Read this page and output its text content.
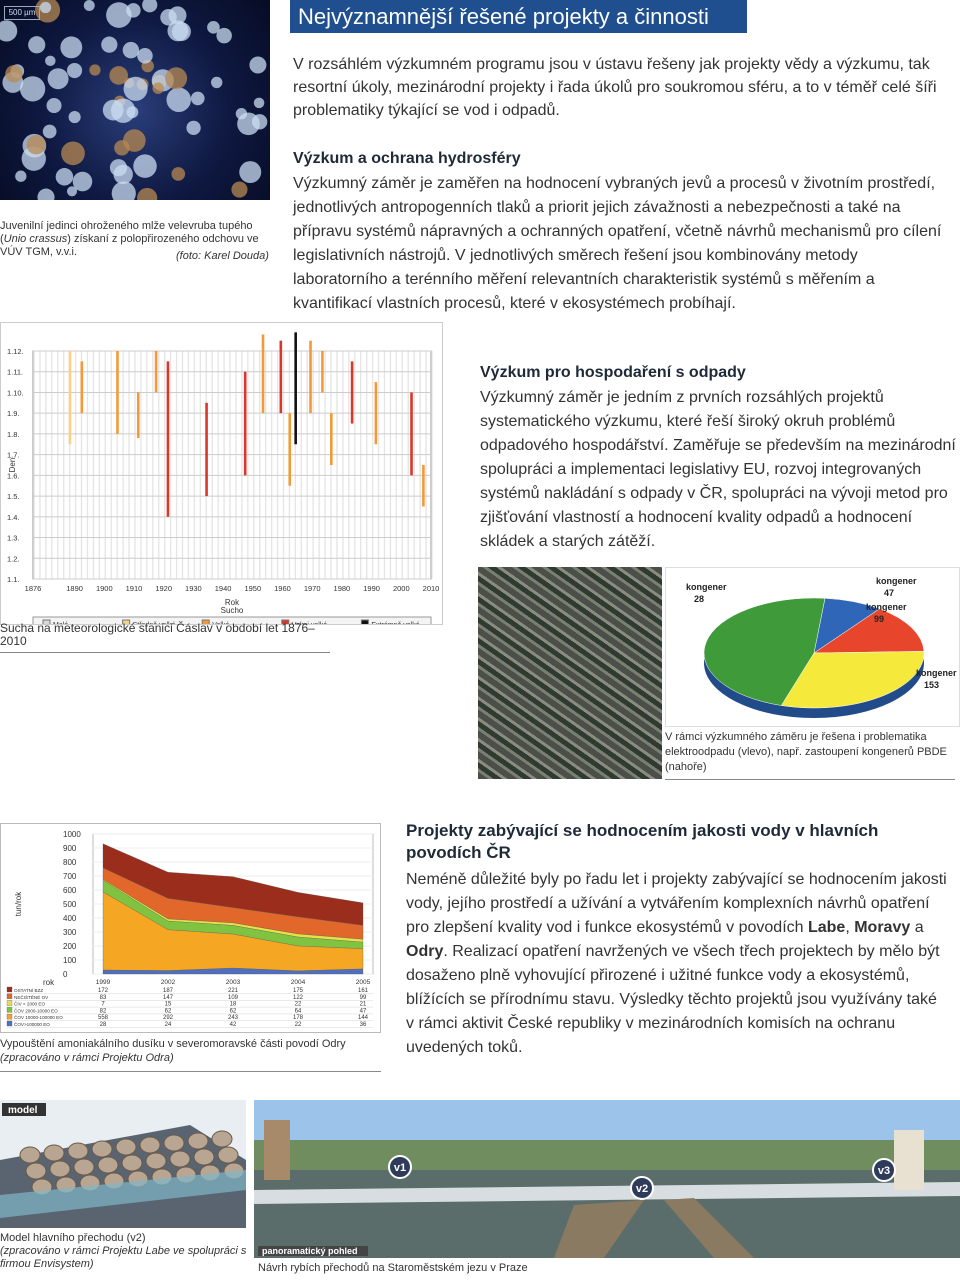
Nejvýznamnější řešené projekty a činnosti
V rozsáhlém výzkumném programu jsou v ústavu řešeny jak projekty vědy a výzkumu, tak resortní úkoly, mezinárodní projekty i řada úkolů pro soukromou sféru, a to v téměř celé šíři problematiky týkající se vod i odpadů.
500 µm
Juvenilní jedinci ohroženého mlže velevruba tupého (Unio crassus) získaní z polopřirozeného odchovu ve VÚV TGM, v.v.i.	(foto: Karel Douda)
Výzkum a ochrana hydrosféry
Výzkumný záměr je zaměřen na hodnocení vybraných jevů a procesů v životním prostředí, jednotlivých antropogenních tlaků a priorit jejich závažnosti a nebezpečnosti a také na přípravu systémů nápravných a ochranných opatření, včetně návrhů mechanismů pro cílení legislativních nástrojů. V jednotlivých směrech řešení jsou kombinovány metody laboratorního a terénního měření relevantních charakteristik systémů s měřením a kvantifikací vlastních procesů, které v ekosystémech probíhají.
1.12.
1.11.
1.10.
1.9.
1.8.
1.7.
1.6.
1.5.
1.4.
1.3.
1.2.
1.1.
1876	1890 1900 1910 1920 1930 1940 1950 1960 1970 1980 1990 2000 2010
Den
Rok
Sucho
Sucha na meteorologické stanici Čáslav v období let 1876–2010
Výzkum pro hospodaření s odpady
Výzkumný záměr je jedním z prvních rozsáhlých projektů systematického výzkumu, které řeší široký okruh problémů odpadového hospodářství. Zaměřuje se především na mezinárodní spolupráci a implementaci legislativy EU, rozvoj integrovaných systémů nakládání s odpady v ČR, spolupráci na vývoji metod pro zjišťování vlastností a hodnocení kvality odpadů a hodnocení skládek a starých zátěží.
kongener
28
kongener
47
kongener
99
kongener
153
V rámci výzkumného záměru je řešena i problematika elektroodpadu (vlevo), např. zastoupení kongenerů PBDE (nahoře)
1000
900
800
700
600
500
400
300
200
100
0
tun/rok
rok	1999	2002	2003	2004	2005
OSTATNÍ BZZ	172	187	221	175	161
NEČIŠTĚNÉ OV	83	147	109	122	99
ČIV < 2000 EO	7	15	18	22	21
ČOV 2000-10000 EO	82	62	62	64	47
ČOV 10000-100000 EO	558	292	243	178	144
ČOV>100000 EO	28	24	42	22	36
Vypouštění amoniakálního dusíku v severomoravské části povodí Odry
(zpracováno v rámci Projektu Odra)
Projekty zabývající se hodnocením jakosti vody v hlavních povodích ČR
Neméně důležité byly po řadu let i projekty zabývající se hodnocením jakosti vody, jejího prostředí a užívání a vytvářením komplexních návrhů opatření pro zlepšení kvality vod i funkce ekosystémů v povodích Labe, Moravy a Odry. Realizací opatření navržených ve všech třech projektech by mělo být dosaženo plně vyhovující přirozené i užitné funkce vody a ekosystémů, blížících se přírodnímu stavu. Výsledky těchto projektů jsou využívány také v rámci aktivit České republiky v mezinárodních komisích na ochranu uvedených toků.
model
Model hlavního přechodu (v2)
(zpracováno v rámci Projektu Labe ve spolupráci s firmou Envisystem)
v1
v2
v3
panoramatický pohled
Návrh rybích přechodů na Staroměstském jezu v Praze
